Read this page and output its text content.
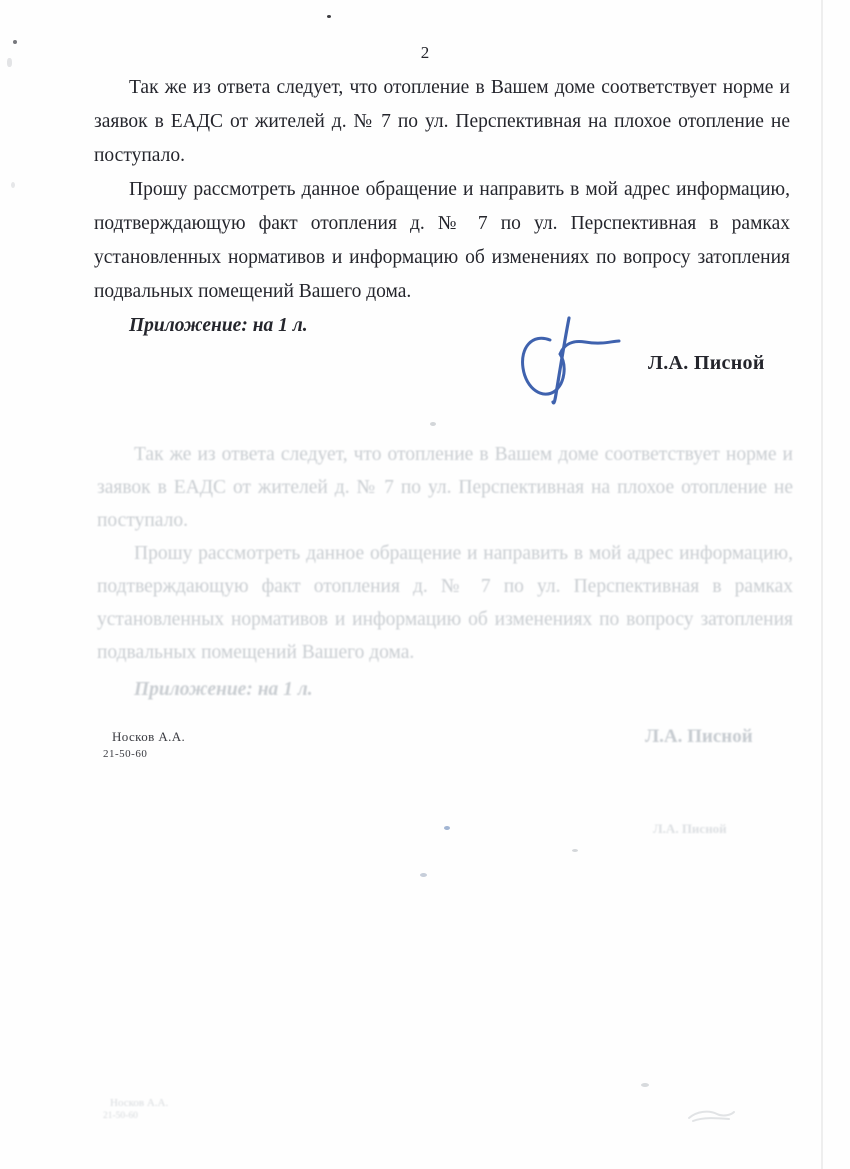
2

Так же из ответа следует, что отопление в Вашем доме соответствует норме и заявок в ЕАДС от жителей д. № 7 по ул. Перспективная на плохое отопление не поступало.

Прошу рассмотреть данное обращение и направить в мой адрес информацию, подтверждающую факт отопления д. № 7 по ул. Перспективная в рамках установленных нормативов и информацию об изменениях по вопросу затопления подвальных помещений Вашего дома.

Приложение: на 1 л.

Л.А. Писной

Так же из ответа следует, что отопление в Вашем доме соответствует норме и заявок в ЕАДС от жителей д. № 7 по ул. Перспективная на плохое отопление не поступало.

Прошу рассмотреть данное обращение и направить в мой адрес информацию, подтверждающую факт отопления д. № 7 по ул. Перспективная в рамках установленных нормативов и информацию об изменениях по вопросу затопления подвальных помещений Вашего дома.

Приложение: на 1 л.

Л.А. Писной
Носков А.А.
21-50-60
Л.А. Писной
Носков А.А.
21-50-60
